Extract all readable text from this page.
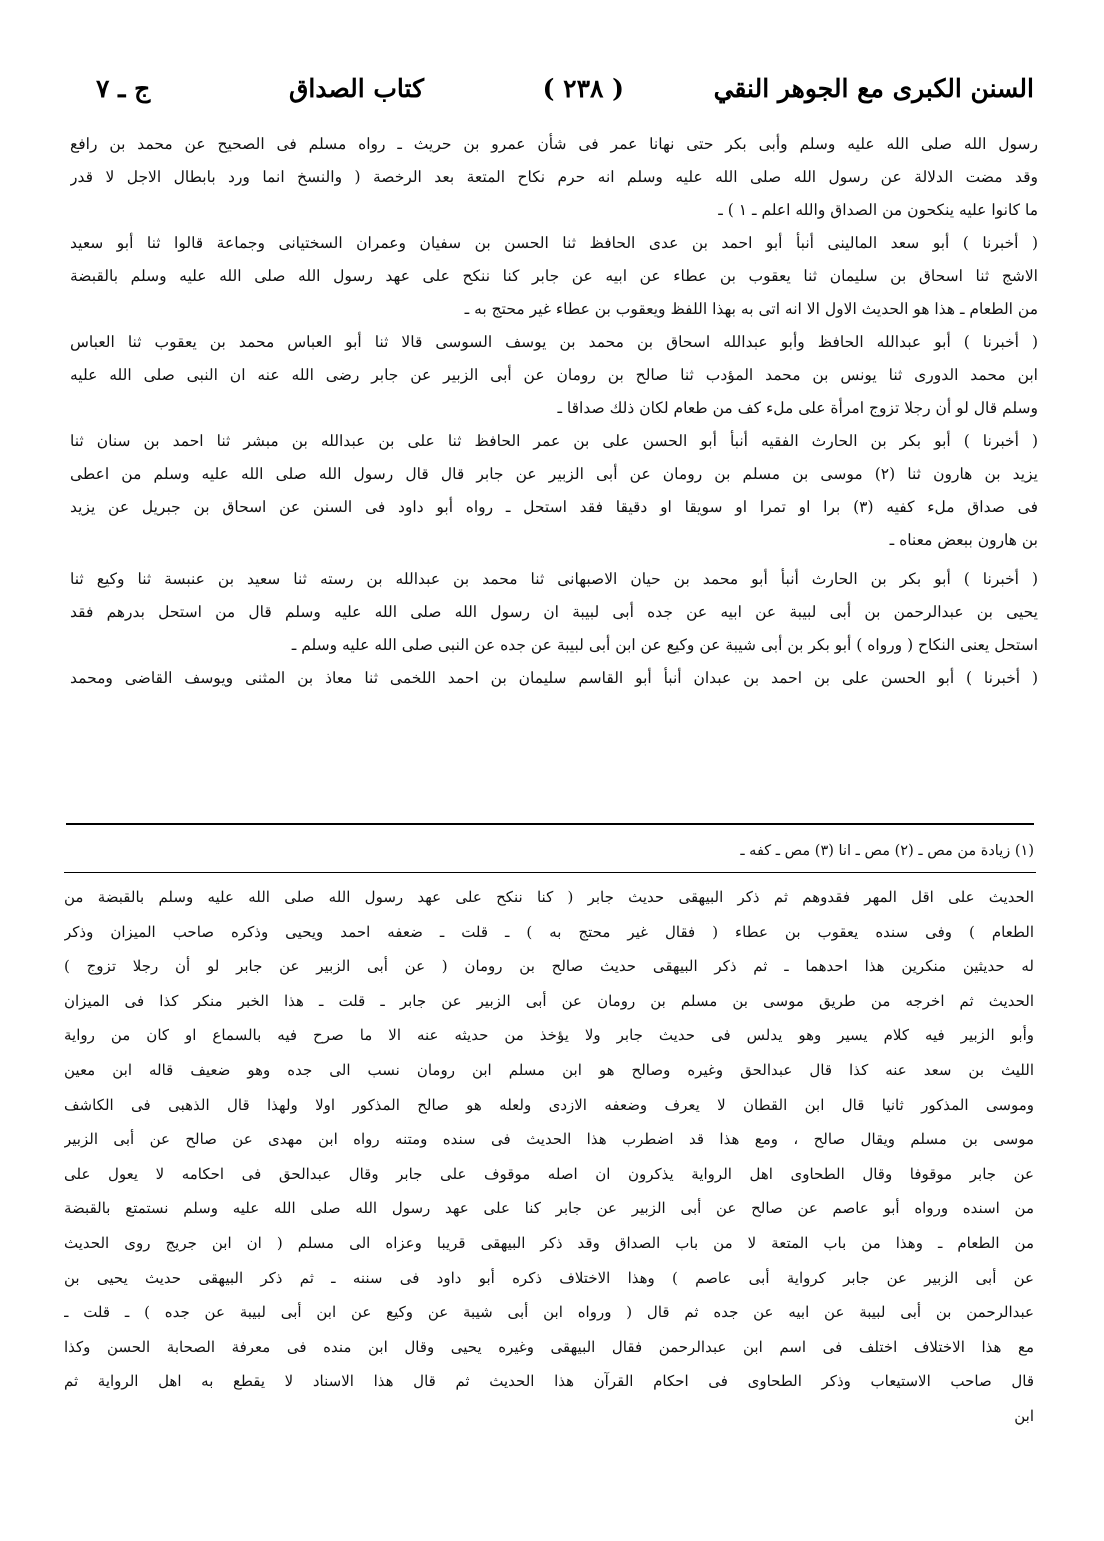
السنن الكبرى مع الجوهر النقي
( ٢٣٨ )
كتاب الصداق
ج ـ ٧
رسول الله صلى الله عليه وسلم وأبى بكر حتى نهانا عمر فى شأن عمرو بن حريث ـ رواه مسلم فى الصحيح عن محمد بن رافع
وقد مضت الدلالة عن رسول الله صلى الله عليه وسلم انه حرم نكاح المتعة بعد الرخصة ( والنسخ انما ورد بابطال الاجل لا قدر
ما كانوا عليه ينكحون من الصداق والله اعلم ـ ١ ) ـ
( أخبرنا ) أبو سعد المالينى أنبأ أبو احمد بن عدى الحافظ ثنا الحسن بن سفيان وعمران السختيانى وجماعة قالوا ثنا أبو سعيد
الاشج ثنا اسحاق بن سليمان ثنا يعقوب بن عطاء عن ابيه عن جابر كنا ننكح على عهد رسول الله صلى الله عليه وسلم بالقبضة
من الطعام ـ هذا هو الحديث الاول الا انه اتى به بهذا اللفظ ويعقوب بن عطاء غير محتج به ـ
( أخبرنا ) أبو عبدالله الحافظ وأبو عبدالله اسحاق بن محمد بن يوسف السوسى قالا ثنا أبو العباس محمد بن يعقوب ثنا العباس
ابن محمد الدورى ثنا يونس بن محمد المؤدب ثنا صالح بن رومان عن أبى الزبير عن جابر رضى الله عنه ان النبى صلى الله عليه
وسلم قال لو أن رجلا تزوج امرأة على ملء كف من طعام لكان ذلك صداقا ـ
( أخبرنا ) أبو بكر بن الحارث الفقيه أنبأ أبو الحسن على بن عمر الحافظ ثنا على بن عبدالله بن مبشر ثنا احمد بن سنان ثنا
يزيد بن هارون ثنا (٢) موسى بن مسلم بن رومان عن أبى الزبير عن جابر قال قال رسول الله صلى الله عليه وسلم من اعطى
فى صداق ملء كفيه (٣) برا او تمرا او سويقا او دقيقا فقد استحل ـ رواه أبو داود فى السنن عن اسحاق بن جبريل عن يزيد
بن هارون ببعض معناه ـ
( أخبرنا ) أبو بكر بن الحارث أنبأ أبو محمد بن حيان الاصبهانى ثنا محمد بن عبدالله بن رسته ثنا سعيد بن عنبسة ثنا وكيع ثنا
يحيى بن عبدالرحمن بن أبى لبيبة عن ابيه عن جده أبى لبيبة ان رسول الله صلى الله عليه وسلم قال من استحل بدرهم فقد
استحل يعنى النكاح ( ورواه ) أبو بكر بن أبى شيبة عن وكيع عن ابن أبى لبيبة عن جده عن النبى صلى الله عليه وسلم ـ
( أخبرنا ) أبو الحسن على بن احمد بن عبدان أنبأ أبو القاسم سليمان بن احمد اللخمى ثنا معاذ بن المثنى ويوسف القاضى ومحمد
(١) زيادة من مص ـ (٢) مص ـ انا (٣) مص ـ كفه ـ
الحديث على اقل المهر فقدوهم ثم ذكر البيهقى حديث جابر ( كنا ننكح على عهد رسول الله صلى الله عليه وسلم بالقبضة من
الطعام ) وفى سنده يعقوب بن عطاء ( فقال غير محتج به ) ـ قلت ـ ضعفه احمد ويحيى وذكره صاحب الميزان وذكر
له حديثين منكرين هذا احدهما ـ ثم ذكر البيهقى حديث صالح بن رومان ( عن أبى الزبير عن جابر لو أن رجلا تزوج )
الحديث ثم اخرجه من طريق موسى بن مسلم بن رومان عن أبى الزبير عن جابر ـ قلت ـ هذا الخبر منكر كذا فى الميزان
وأبو الزبير فيه كلام يسير وهو يدلس فى حديث جابر ولا يؤخذ من حديثه عنه الا ما صرح فيه بالسماع او كان من رواية
الليث بن سعد عنه كذا قال عبدالحق وغيره وصالح هو ابن مسلم ابن رومان نسب الى جده وهو ضعيف قاله ابن معين
وموسى المذكور ثانيا قال ابن القطان لا يعرف وضعفه الازدى ولعله هو صالح المذكور اولا ولهذا قال الذهبى فى الكاشف
موسى بن مسلم ويقال صالح ، ومع هذا قد اضطرب هذا الحديث فى سنده ومتنه رواه ابن مهدى عن صالح عن أبى الزبير
عن جابر موقوفا وقال الطحاوى اهل الرواية يذكرون ان اصله موقوف على جابر وقال عبدالحق فى احكامه لا يعول على
من اسنده ورواه أبو عاصم عن صالح عن أبى الزبير عن جابر كنا على عهد رسول الله صلى الله عليه وسلم نستمتع بالقبضة
من الطعام ـ وهذا من باب المتعة لا من باب الصداق وقد ذكر البيهقى قريبا وعزاه الى مسلم ( ان ابن جريج روى الحديث
عن أبى الزبير عن جابر كرواية أبى عاصم ) وهذا الاختلاف ذكره أبو داود فى سننه ـ ثم ذكر البيهقى حديث يحيى بن
عبدالرحمن بن أبى لبيبة عن ابيه عن جده ثم قال ( ورواه ابن أبى شيبة عن وكيع عن ابن أبى لبيبة عن جده ) ـ قلت ـ
مع هذا الاختلاف اختلف فى اسم ابن عبدالرحمن فقال البيهقى وغيره يحيى وقال ابن منده فى معرفة الصحابة الحسن وكذا
قال صاحب الاستيعاب وذكر الطحاوى فى احكام القرآن هذا الحديث ثم قال هذا الاسناد لا يقطع به اهل الرواية ثم
ابن
